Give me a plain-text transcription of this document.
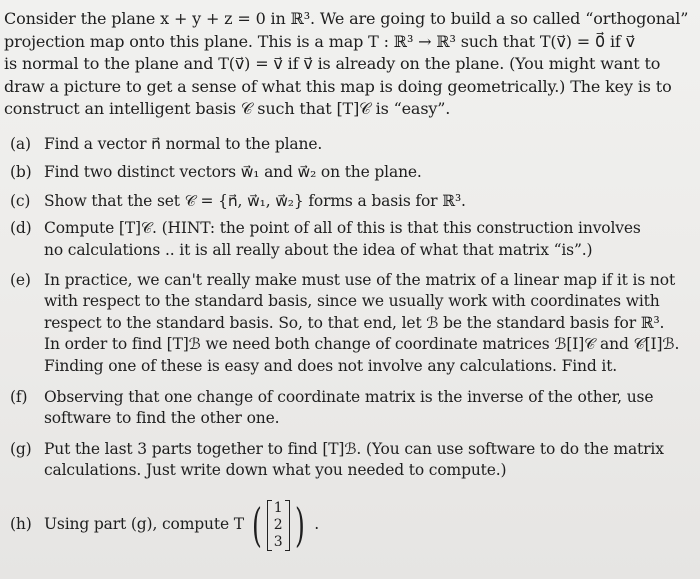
Consider the plane x + y + z = 0 in ℝ³. We are going to build a so called “orthogonal”
projection map onto this plane. This is a map T : ℝ³ → ℝ³ such that T(v⃗) = 0⃗ if v⃗
is normal to the plane and T(v⃗) = v⃗ if v⃗ is already on the plane. (You might want to
draw a picture to get a sense of what this map is doing geometrically.) The key is to
construct an intelligent basis 𝒞 such that [T]𝒞 is “easy”.
(a) Find a vector n⃗ normal to the plane.
(b) Find two distinct vectors w⃗₁ and w⃗₂ on the plane.
(c) Show that the set 𝒞 = {n⃗, w⃗₁, w⃗₂} forms a basis for ℝ³.
(d) Compute [T]𝒞. (HINT: the point of all of this is that this construction involves
no calculations .. it is all really about the idea of what that matrix “is”.)
(e) In practice, we can't really make must use of the matrix of a linear map if it is not
with respect to the standard basis, since we usually work with coordinates with
respect to the standard basis. So, to that end, let ℬ be the standard basis for ℝ³.
In order to find [T]ℬ we need both change of coordinate matrices ℬ[I]𝒞 and 𝒞[I]ℬ.
Finding one of these is easy and does not involve any calculations. Find it.
(f)	Observing that one change of coordinate matrix is the inverse of the other, use
software to find the other one.
(g) Put the last 3 parts together to find [T]ℬ. (You can use software to do the matrix
calculations. Just write down what you needed to compute.)
(h) Using part (g), compute T ( 1
2
3 ) .
